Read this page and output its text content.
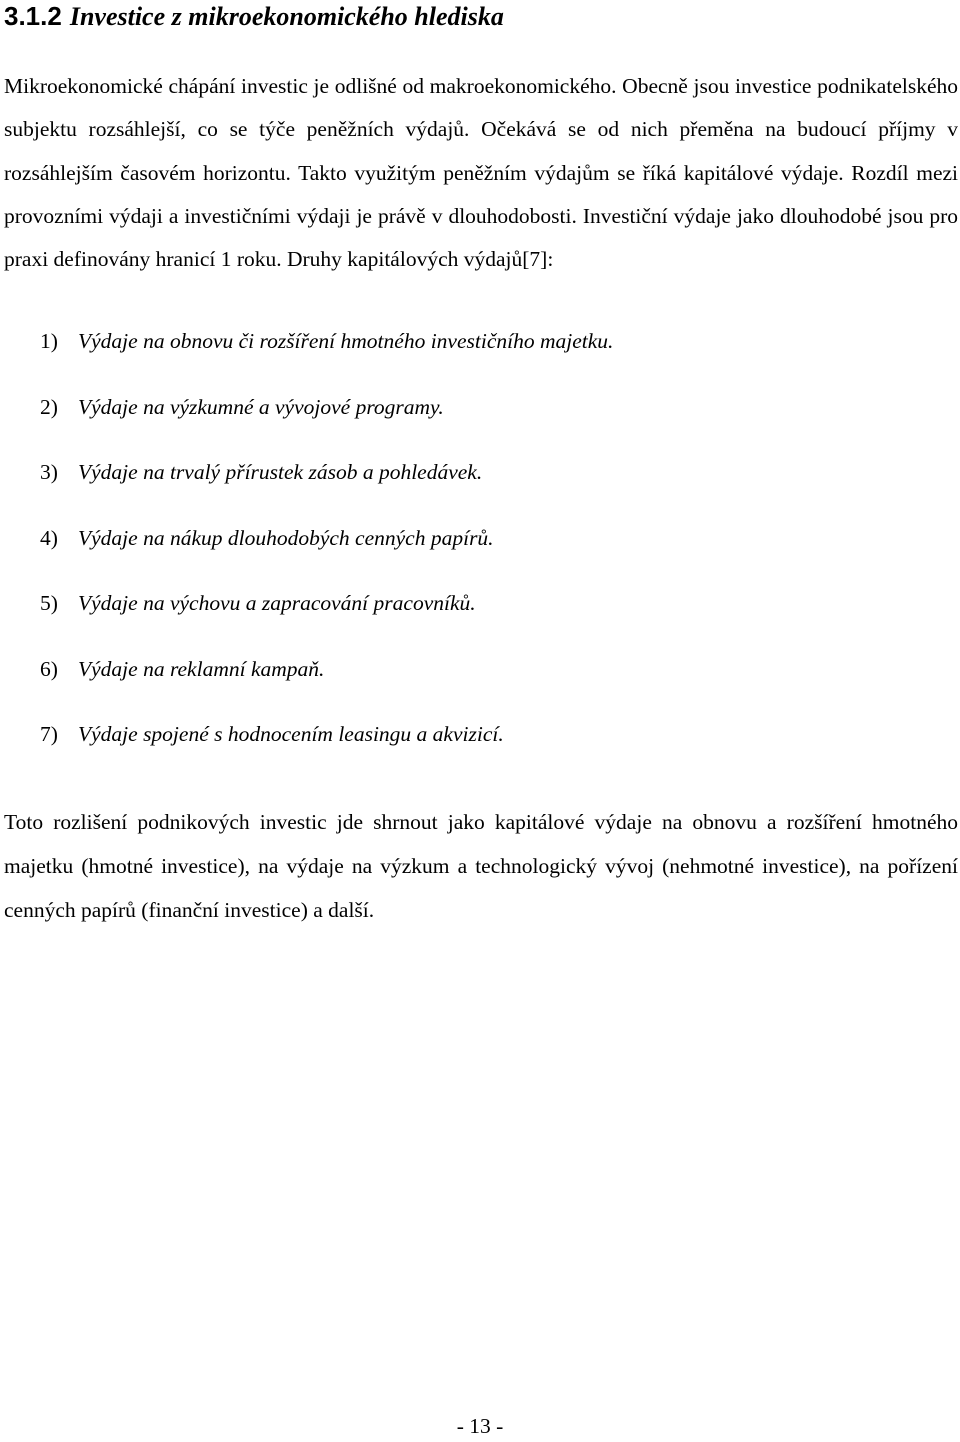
3.1.2 Investice z mikroekonomického hlediska

Mikroekonomické chápání investic je odlišné od makroekonomického. Obecně jsou investice podnikatelského subjektu rozsáhlejší, co se týče peněžních výdajů. Očekává se od nich přeměna na budoucí příjmy v rozsáhlejším časovém horizontu. Takto využitým peněžním výdajům se říká kapitálové výdaje. Rozdíl mezi provozními výdaji a investičními výdaji je právě v dlouhodobosti. Investiční výdaje jako dlouhodobé jsou pro praxi definovány hranicí 1 roku. Druhy kapitálových výdajů[7]:

1) Výdaje na obnovu či rozšíření hmotného investičního majetku.
2) Výdaje na výzkumné a vývojové programy.
3) Výdaje na trvalý přírustek zásob a pohledávek.
4) Výdaje na nákup dlouhodobých cenných papírů.
5) Výdaje na výchovu a zapracování pracovníků.
6) Výdaje na reklamní kampaň.
7) Výdaje spojené s hodnocením leasingu a akvizicí.

Toto rozlišení podnikových investic jde shrnout jako kapitálové výdaje na obnovu a rozšíření hmotného majetku (hmotné investice), na výdaje na výzkum a technologický vývoj (nehmotné investice), na pořízení cenných papírů (finanční investice) a další.

- 13 -
